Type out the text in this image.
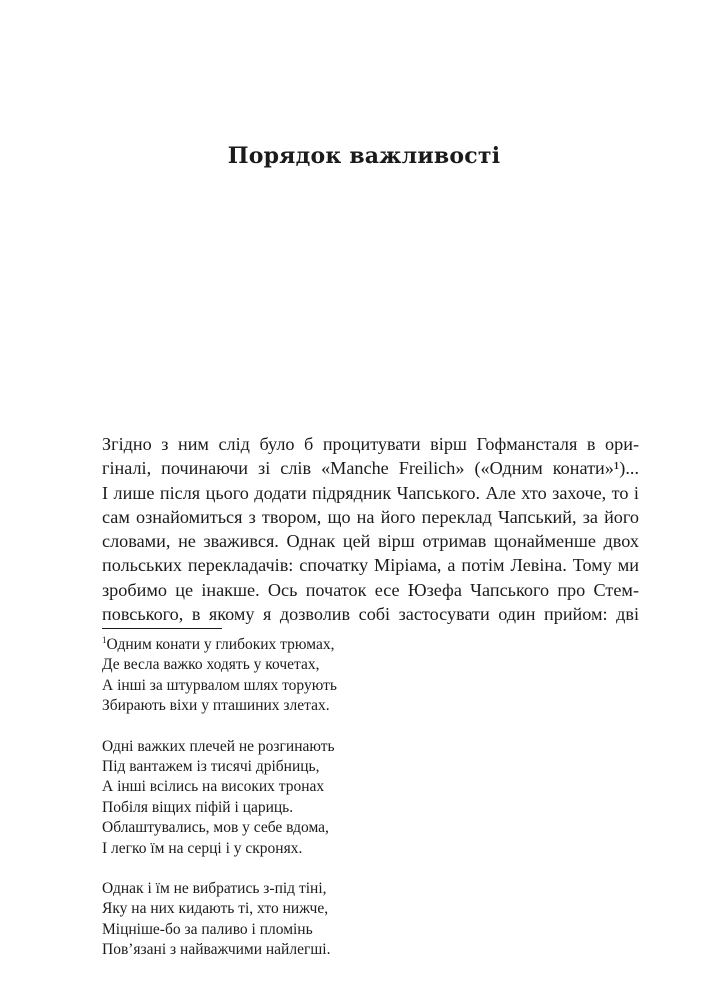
Порядок важливості
Згідно з ним слід було б процитувати вірш Гофмансталя в ори-
гіналі, починаючи зі слів «Manche Freilich» («Одним конати»¹)...
І лише після цього додати підрядник Чапського. Але хто захоче, то і
сам ознайомиться з твором, що на його переклад Чапський, за його
словами, не зважився. Однак цей вірш отримав щонайменше двох
польських перекладачів: спочатку Міріама, а потім Левіна. Тому ми
зробимо це інакше. Ось початок есе Юзефа Чапського про Стем-
повського, в якому я дозволив собі застосувати один прийом: дві
$^1$Одним конати у глибоких трюмах,
Де весла важко ходять у кочетах,
А інші за штурвалом шлях торують
Збирають віхи у пташиних злетах.
Одні важких плечей не розгинають
Під вантажем із тисячі дрібниць,
А інші всілись на високих тронах
Побіля віщих піфій і цариць.
Облаштувались, мов у себе вдома,
І легко їм на серці і у скронях.
Однак і їм не вибратись з-під тіні,
Яку на них кидають ті, хто нижче,
Міцніше-бо за паливо і пломінь
Пов’язані з найважчими найлегші.
